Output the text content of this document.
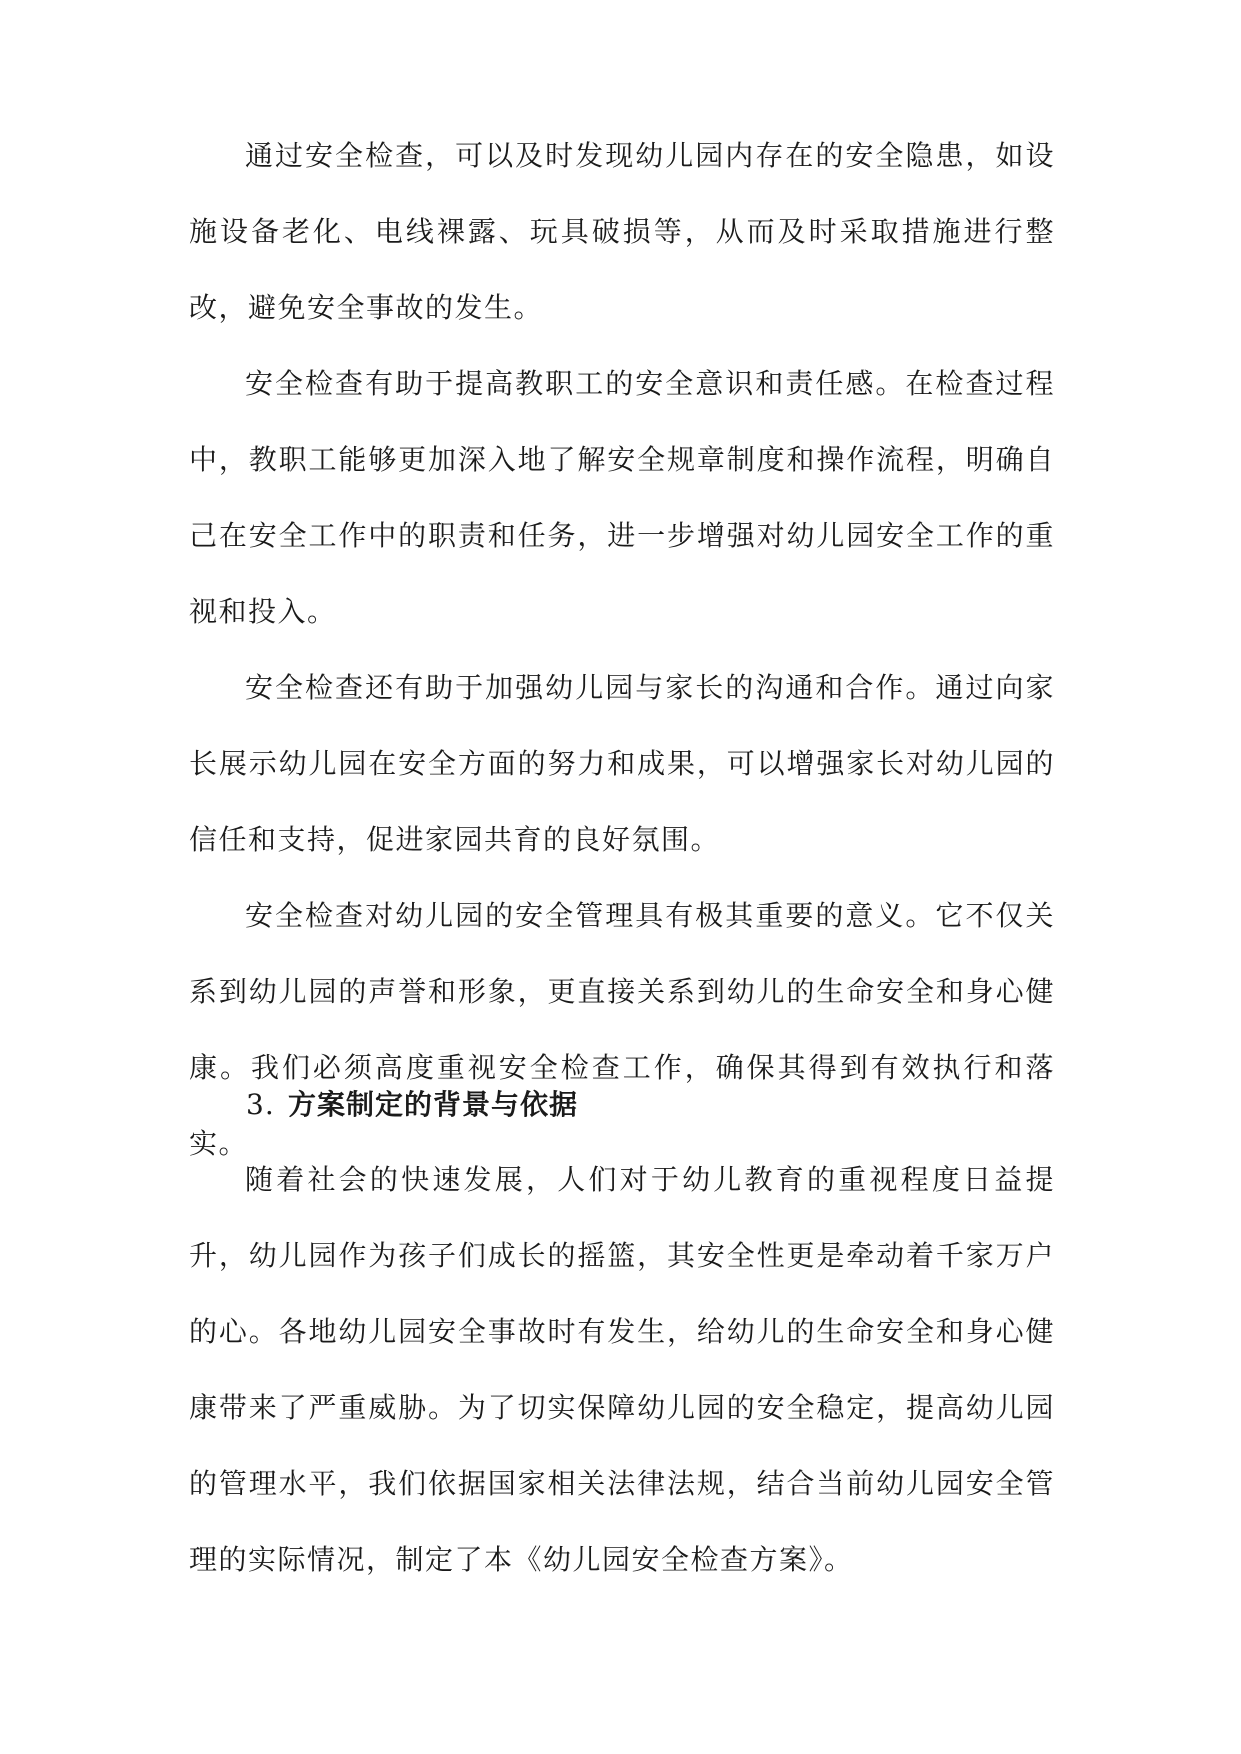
通过安全检查，可以及时发现幼儿园内存在的安全隐患，如设施设备老化、电线裸露、玩具破损等，从而及时采取措施进行整改，避免安全事故的发生。

安全检查有助于提高教职工的安全意识和责任感。在检查过程中，教职工能够更加深入地了解安全规章制度和操作流程，明确自己在安全工作中的职责和任务，进一步增强对幼儿园安全工作的重视和投入。

安全检查还有助于加强幼儿园与家长的沟通和合作。通过向家长展示幼儿园在安全方面的努力和成果，可以增强家长对幼儿园的信任和支持，促进家园共育的良好氛围。

安全检查对幼儿园的安全管理具有极其重要的意义。它不仅关系到幼儿园的声誉和形象，更直接关系到幼儿的生命安全和身心健康。我们必须高度重视安全检查工作，确保其得到有效执行和落实。

3. 方案制定的背景与依据

随着社会的快速发展，人们对于幼儿教育的重视程度日益提升，幼儿园作为孩子们成长的摇篮，其安全性更是牵动着千家万户的心。各地幼儿园安全事故时有发生，给幼儿的生命安全和身心健康带来了严重威胁。为了切实保障幼儿园的安全稳定，提高幼儿园的管理水平，我们依据国家相关法律法规，结合当前幼儿园安全管理的实际情况，制定了本《幼儿园安全检查方案》。
